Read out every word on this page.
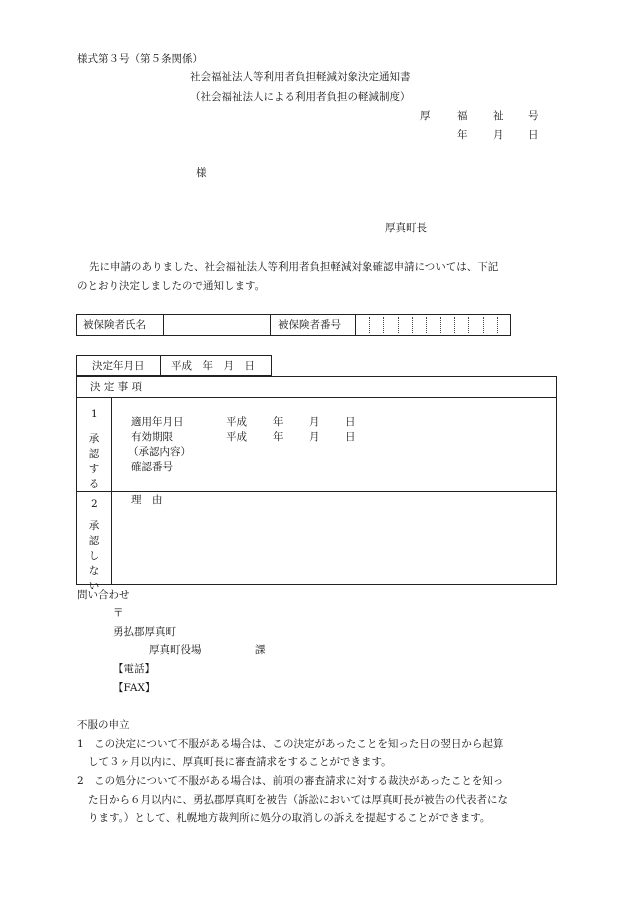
様式第３号（第５条関係）
社会福祉法人等利用者負担軽減対象決定通知書
（社会福祉法人による利用者負担の軽減制度）
厚	福 祉 号
年 月 日
様
厚真町長
先に申請のありました、社会福祉法人等利用者負担軽減対象確認申請については、下記
のとおり決定しましたので通知します。
被保険者氏名	被保険者番号
決定年月日	平成　年　月　日
決 定 事 項
1
承
認
す
る
適用年月日	平成 年 月 日
有効期限	平成 年 月 日
（承認内容）
確認番号
2
承
認
し
な
い
理　由
問い合わせ
〒
勇払郡厚真町
厚真町役場	課
【電話】
【FAX】
不服の申立
1　この決定について不服がある場合は、この決定があったことを知った日の翌日から起算
して３ヶ月以内に、厚真町長に審査請求をすることができます。
2　この処分について不服がある場合は、前項の審査請求に対する裁決があったことを知っ
た日から６月以内に、勇払郡厚真町を被告（訴訟においては厚真町長が被告の代表者にな
ります。）として、札幌地方裁判所に処分の取消しの訴えを提起することができます。
